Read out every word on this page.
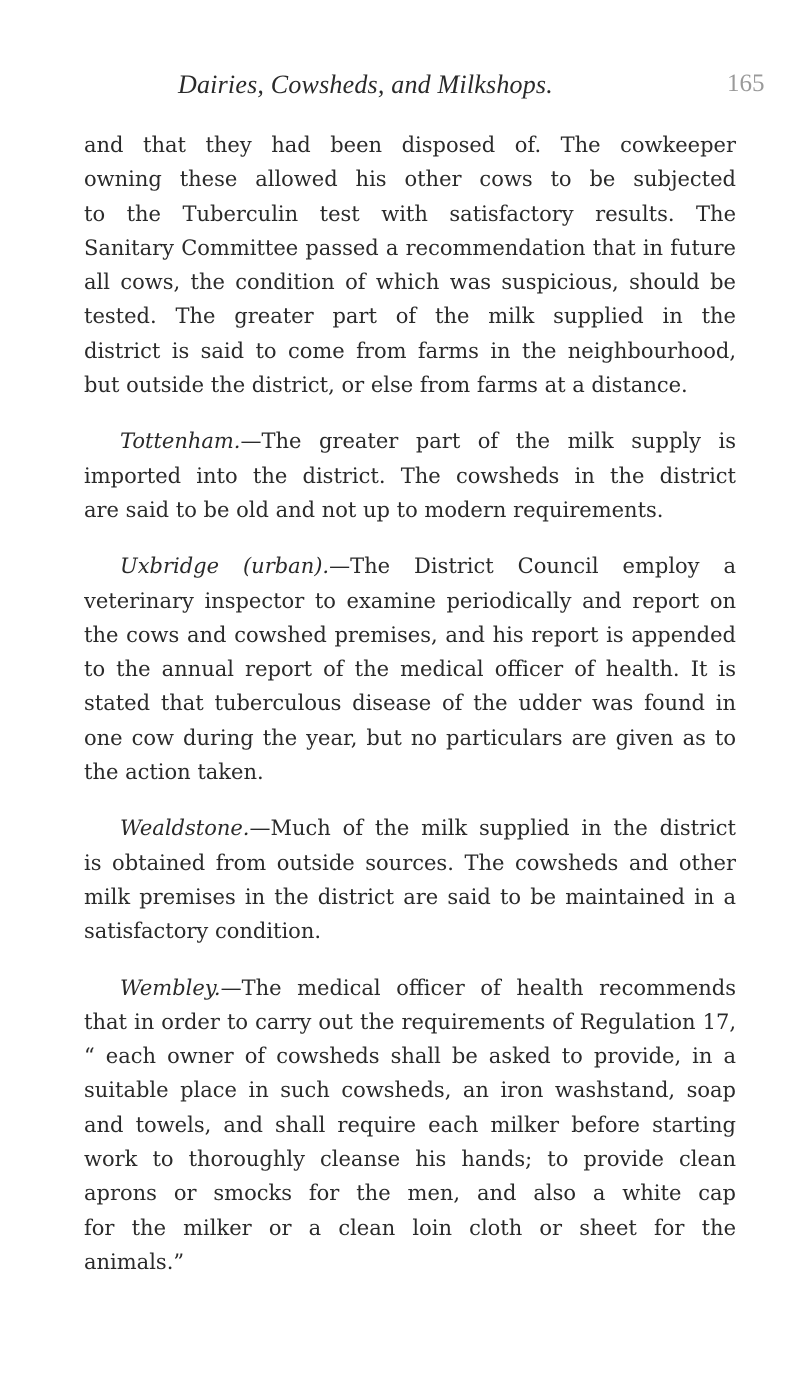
Dairies, Cowsheds, and Milkshops.	165
and that they had been disposed of. The cowkeeper
owning these allowed his other cows to be subjected
to the Tuberculin test with satisfactory results. The
Sanitary Committee passed a recommendation that in future
all cows, the condition of which was suspicious, should be
tested. The greater part of the milk supplied in the
district is said to come from farms in the neighbourhood,
but outside the district, or else from farms at a distance.
Tottenham.—The greater part of the milk supply is
imported into the district. The cowsheds in the district
are said to be old and not up to modern requirements.
Uxbridge (urban).—The District Council employ a
veterinary inspector to examine periodically and report on
the cows and cowshed premises, and his report is appended
to the annual report of the medical officer of health. It is
stated that tuberculous disease of the udder was found in
one cow during the year, but no particulars are given as to
the action taken.
Wealdstone.—Much of the milk supplied in the district
is obtained from outside sources. The cowsheds and other
milk premises in the district are said to be maintained in a
satisfactory condition.
Wembley.—The medical officer of health recommends
that in order to carry out the requirements of Regulation 17,
“ each owner of cowsheds shall be asked to provide, in a
suitable place in such cowsheds, an iron washstand, soap
and towels, and shall require each milker before starting
work to thoroughly cleanse his hands; to provide clean
aprons or smocks for the men, and also a white cap
for the milker or a clean loin cloth or sheet for the
animals.”
